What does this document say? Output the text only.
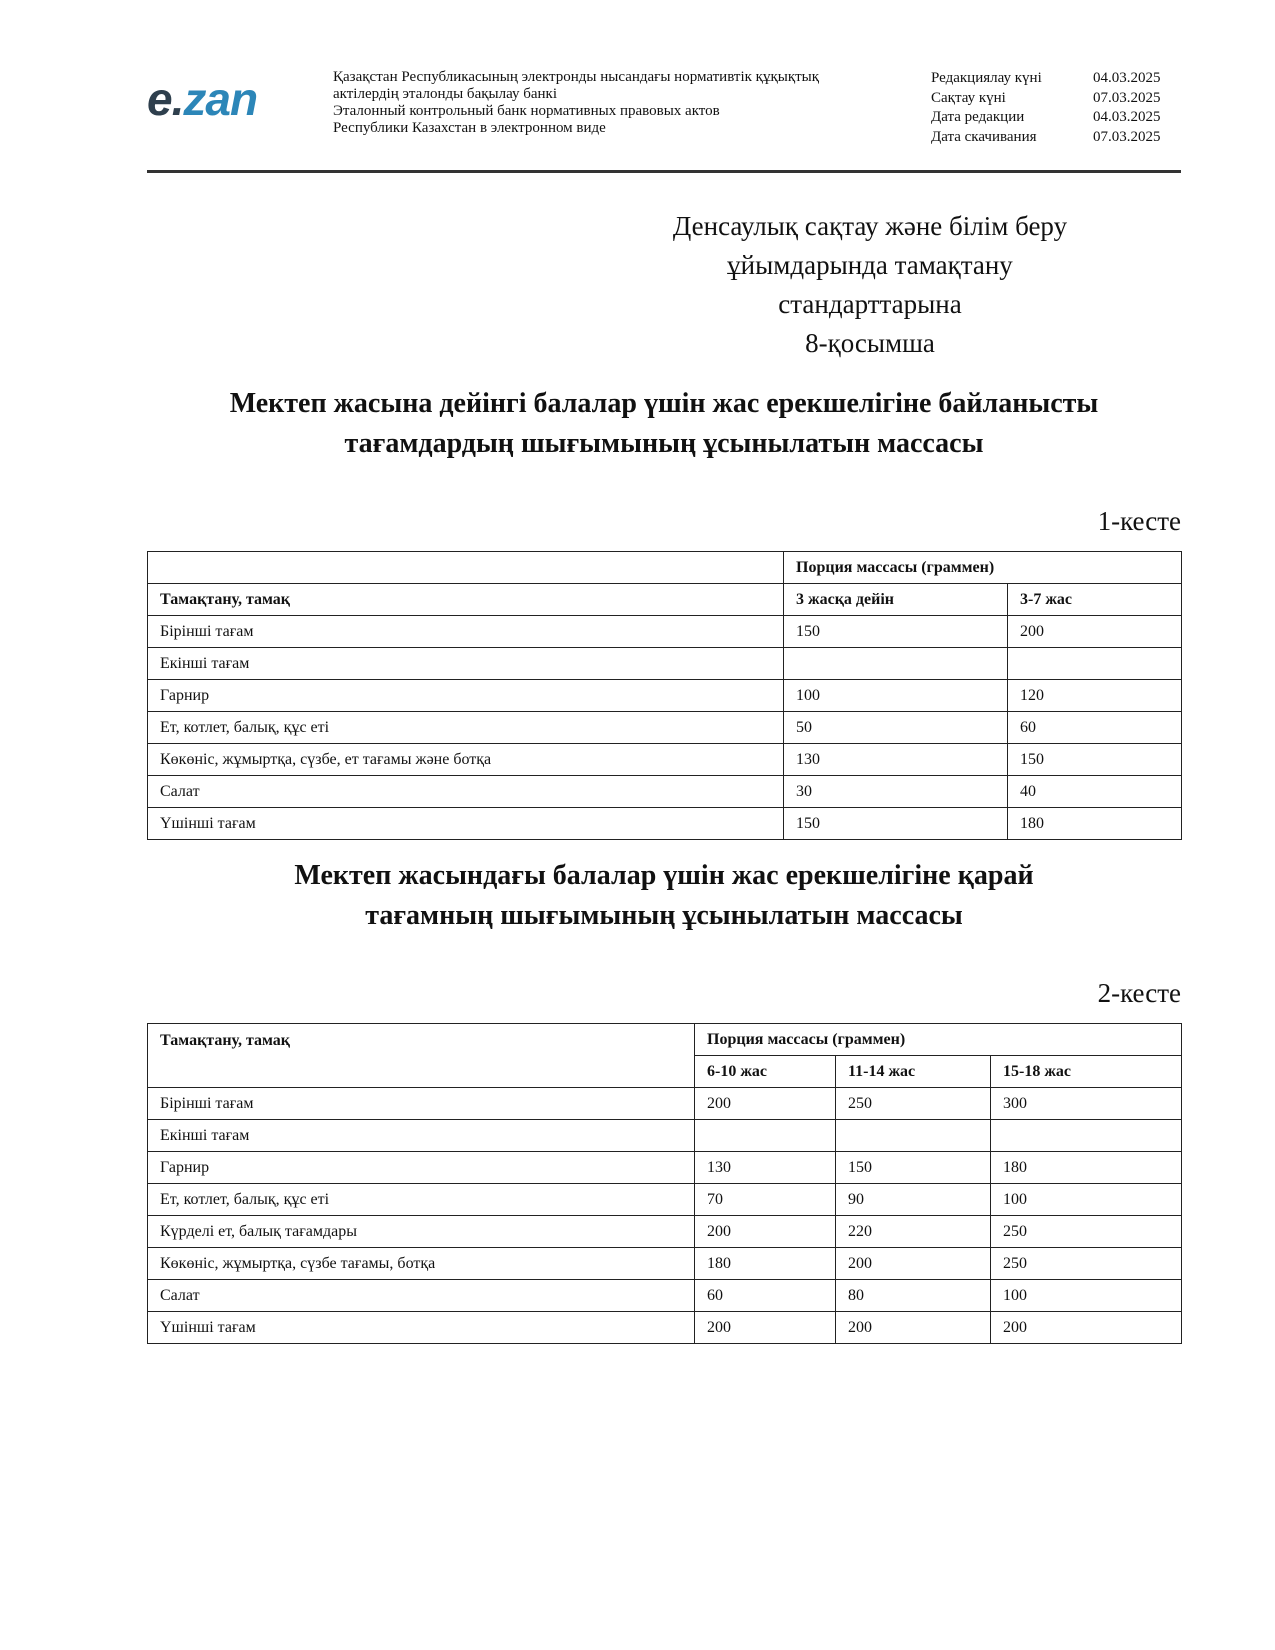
e.zan	Қазақстан Республикасының электронды нысандағы нормативтік құқықтық
актілердің эталонды бақылау банкі
Эталонный контрольный банк нормативных правовых актов
Республики Казахстан в электронном виде
Редакциялау күні	04.03.2025
Сақтау күні	07.03.2025
Дата редакции	04.03.2025
Дата скачивания	07.03.2025
Денсаулық сақтау және білім беру
ұйымдарында тамақтану
стандарттарына
8-қосымша
Мектеп жасына дейінгі балалар үшін жас ерекшелігіне байланысты
тағамдардың шығымының ұсынылатын массасы
1-кесте
	Порция массасы (граммен)	
Тамақтану, тамақ	3 жасқа дейін	3-7 жас
Бірінші тағам	150	200
Екінші тағам		
Гарнир	100	120
Ет, котлет, балық, құс еті	50	60
Көкөніс, жұмыртқа, сүзбе, ет тағамы және ботқа	130	150
Салат	30	40
Үшінші тағам	150	180
Мектеп жасындағы балалар үшін жас ерекшелігіне қарай
тағамның шығымының ұсынылатын массасы
2-кесте
Тамақтану, тамақ	Порция массасы (граммен)		
	6-10 жас	11-14 жас	15-18 жас
Бірінші тағам	200	250	300
Екінші тағам			
Гарнир	130	150	180
Ет, котлет, балық, құс еті	70	90	100
Күрделі ет, балық тағамдары	200	220	250
Көкөніс, жұмыртқа, сүзбе тағамы, ботқа	180	200	250
Салат	60	80	100
Үшінші тағам	200	200	200
